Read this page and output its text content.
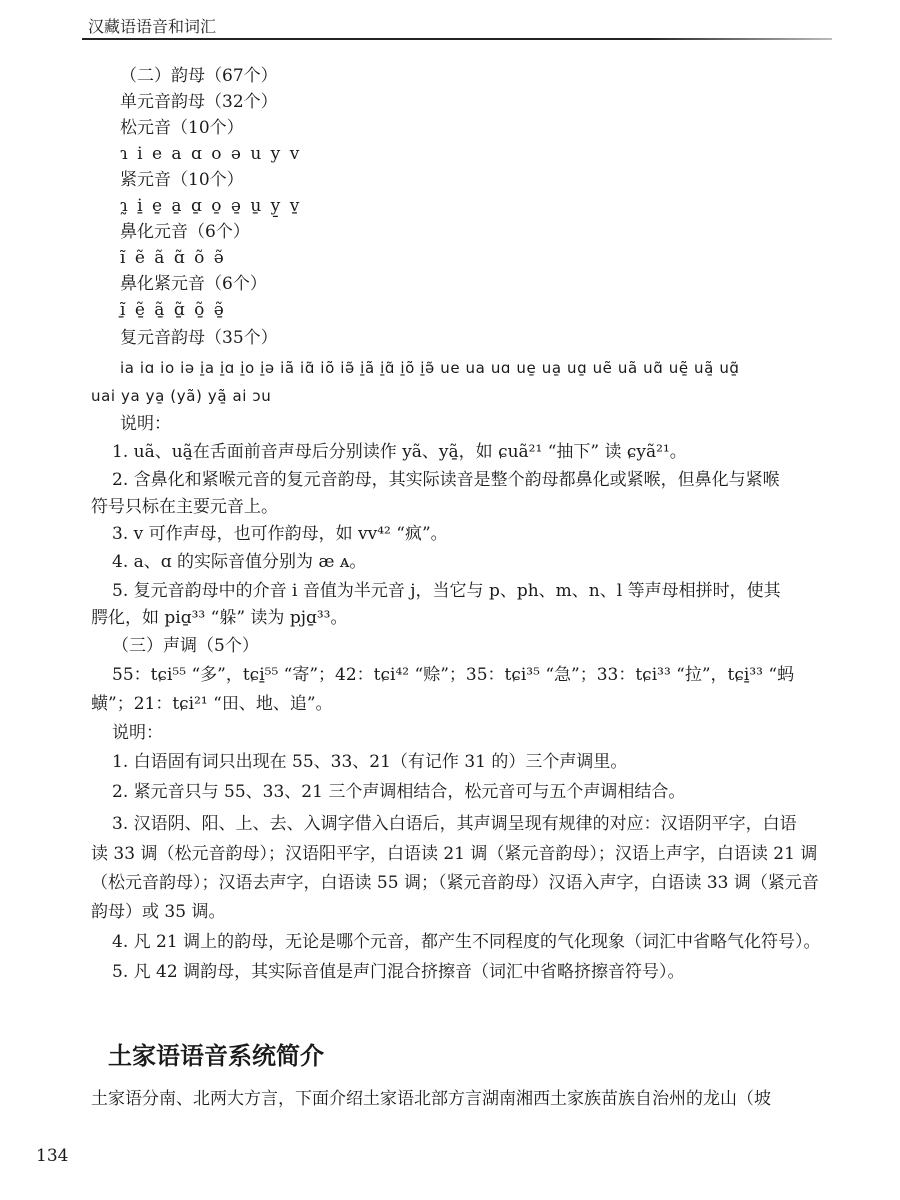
汉藏语语音和词汇
（二）韵母（67个）
单元音韵母（32个）
松元音（10个）
ɿ i e a ɑ o ə u y v
紧元音（10个）
ɿ̰ i̱ e̱ a̱ ɑ̱ o̱ ə̱ u̱ y̱ v̱
鼻化元音（6个）
ĩ ẽ ã ɑ̃ õ ə̃
鼻化紧元音（6个）
ĩ̱ ẽ̱ ã̱ ɑ̱̃ õ̱ ə̱̃
复元音韵母（35个）
ia iɑ io iə i̱a i̱ɑ i̱o i̱ə iã iɑ̃ iõ iə̃ i̱ã i̱ɑ̃ i̱õ i̱ə̃ ue ua uɑ ue̱ ua̱ uɑ̱ uẽ uã uɑ̃ uẽ̱ uã̱ uɑ̱̃
uai ya ya̱ (yã) yã̱ ai ɔu
说明：
1. uã、uã̱在舌面前音声母后分别读作 yã、yã̱，如 ɕuã²¹ “抽下” 读 ɕyã²¹。
2. 含鼻化和紧喉元音的复元音韵母，其实际读音是整个韵母都鼻化或紧喉，但鼻化与紧喉
符号只标在主要元音上。
3. v 可作声母，也可作韵母，如 vv⁴² “疯”。
4. a、ɑ 的实际音值分别为 æ ᴀ。
5. 复元音韵母中的介音 i 音值为半元音 j，当它与 p、ph、m、n、l 等声母相拼时，使其
腭化，如 piɑ̱³³ “躲” 读为 pjɑ̱³³。
（三）声调（5个）
55：tɕi⁵⁵ “多”，tɕi̱⁵⁵ “寄”；42：tɕi⁴² “赊”；35：tɕi³⁵ “急”；33：tɕi³³ “拉”，tɕi̱³³ “蚂
蟥”；21：tɕi²¹ “田、地、追”。
说明：
1. 白语固有词只出现在 55、33、21（有记作 31 的）三个声调里。
2. 紧元音只与 55、33、21 三个声调相结合，松元音可与五个声调相结合。
3. 汉语阴、阳、上、去、入调字借入白语后，其声调呈现有规律的对应：汉语阴平字，白语
读 33 调（松元音韵母）；汉语阳平字，白语读 21 调（紧元音韵母）；汉语上声字，白语读 21 调
（松元音韵母）；汉语去声字，白语读 55 调；（紧元音韵母）汉语入声字，白语读 33 调（紧元音
韵母）或 35 调。
4. 凡 21 调上的韵母，无论是哪个元音，都产生不同程度的气化现象（词汇中省略气化符号）。
5. 凡 42 调韵母，其实际音值是声门混合挤擦音（词汇中省略挤擦音符号）。
土家语语音系统简介
土家语分南、北两大方言，下面介绍土家语北部方言湖南湘西土家族苗族自治州的龙山（坡
134
